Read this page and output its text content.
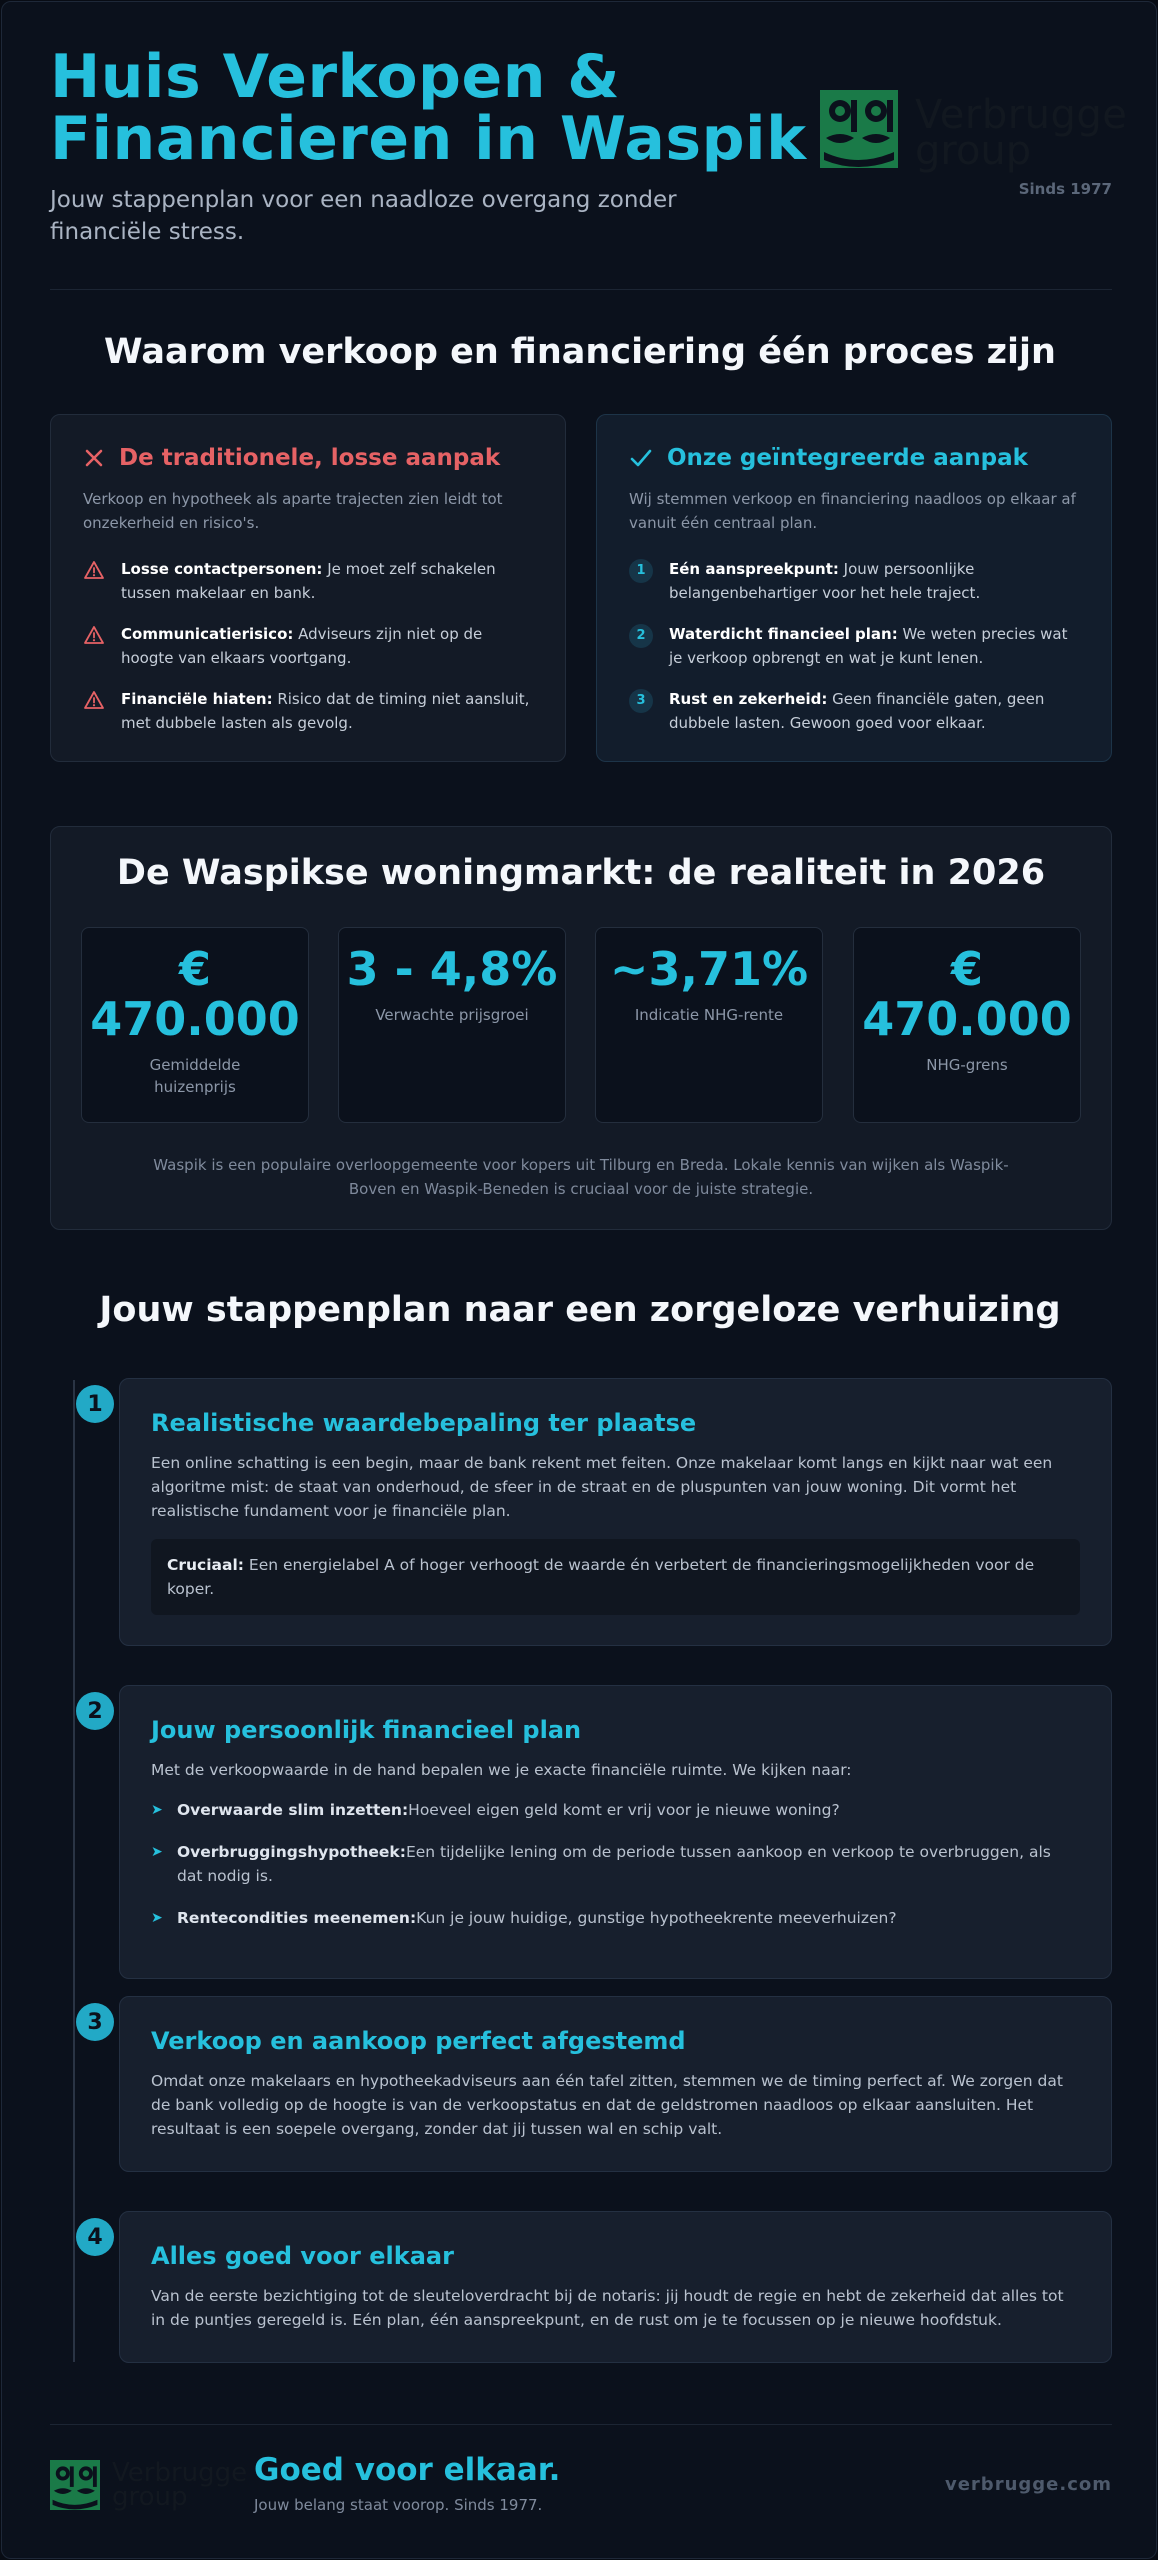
Huis Verkopen & Financieren in Waspik

Jouw stappenplan voor een naadloze overgang zonder financiële stress.

Verbrugge
group
Sinds 1977
Waarom verkoop en financiering één proces zijn
De traditionele, losse aanpak

Verkoop en hypotheek als aparte trajecten zien leidt tot onzekerheid en risico's.

Losse contactpersonen: Je moet zelf schakelen tussen makelaar en bank.
Communicatierisico: Adviseurs zijn niet op de hoogte van elkaars voortgang.
Financiële hiaten: Risico dat de timing niet aansluit, met dubbele lasten als gevolg.
Onze geïntegreerde aanpak

Wij stemmen verkoop en financiering naadloos op elkaar af vanuit één centraal plan.

1	Eén aanspreekpunt: Jouw persoonlijke belangenbehartiger voor het hele traject.
2	Waterdicht financieel plan: We weten precies wat je verkoop opbrengt en wat je kunt lenen.
3	Rust en zekerheid: Geen financiële gaten, geen dubbele lasten. Gewoon goed voor elkaar.
De Waspikse woningmarkt: de realiteit in 2026
€ 470.000
Gemiddelde huizenprijs
3 - 4,8%
Verwachte prijsgroei
~3,71%
Indicatie NHG-rente
€ 470.000
NHG-grens

Waspik is een populaire overloopgemeente voor kopers uit Tilburg en Breda. Lokale kennis van wijken als Waspik-Boven en Waspik-Beneden is cruciaal voor de juiste strategie.

Jouw stappenplan naar een zorgeloze verhuizing
1
Realistische waardebepaling ter plaatse

Een online schatting is een begin, maar de bank rekent met feiten. Onze makelaar komt langs en kijkt naar wat een algoritme mist: de staat van onderhoud, de sfeer in de straat en de pluspunten van jouw woning. Dit vormt het realistische fundament voor je financiële plan.

Cruciaal: Een energielabel A of hoger verhoogt de waarde én verbetert de financieringsmogelijkheden voor de koper.
2
Jouw persoonlijk financieel plan

Met de verkoopwaarde in de hand bepalen we je exacte financiële ruimte. We kijken naar:

➤ Overwaarde slim inzetten:Hoeveel eigen geld komt er vrij voor je nieuwe woning?
➤ Overbruggingshypotheek:Een tijdelijke lening om de periode tussen aankoop en verkoop te overbruggen, als dat nodig is.
➤ Rentecondities meenemen:Kun je jouw huidige, gunstige hypotheekrente meeverhuizen?
3
Verkoop en aankoop perfect afgestemd

Omdat onze makelaars en hypotheekadviseurs aan één tafel zitten, stemmen we de timing perfect af. We zorgen dat de bank volledig op de hoogte is van de verkoopstatus en dat de geldstromen naadloos op elkaar aansluiten. Het resultaat is een soepele overgang, zonder dat jij tussen wal en schip valt.

4
Alles goed voor elkaar

Van de eerste bezichtiging tot de sleuteloverdracht bij de notaris: jij houdt de regie en hebt de zekerheid dat alles tot in de puntjes geregeld is. Eén plan, één aanspreekpunt, en de rust om je te focussen op je nieuwe hoofdstuk.

Verbrugge
group
Goed voor elkaar.
Jouw belang staat voorop. Sinds 1977.
verbrugge.com
